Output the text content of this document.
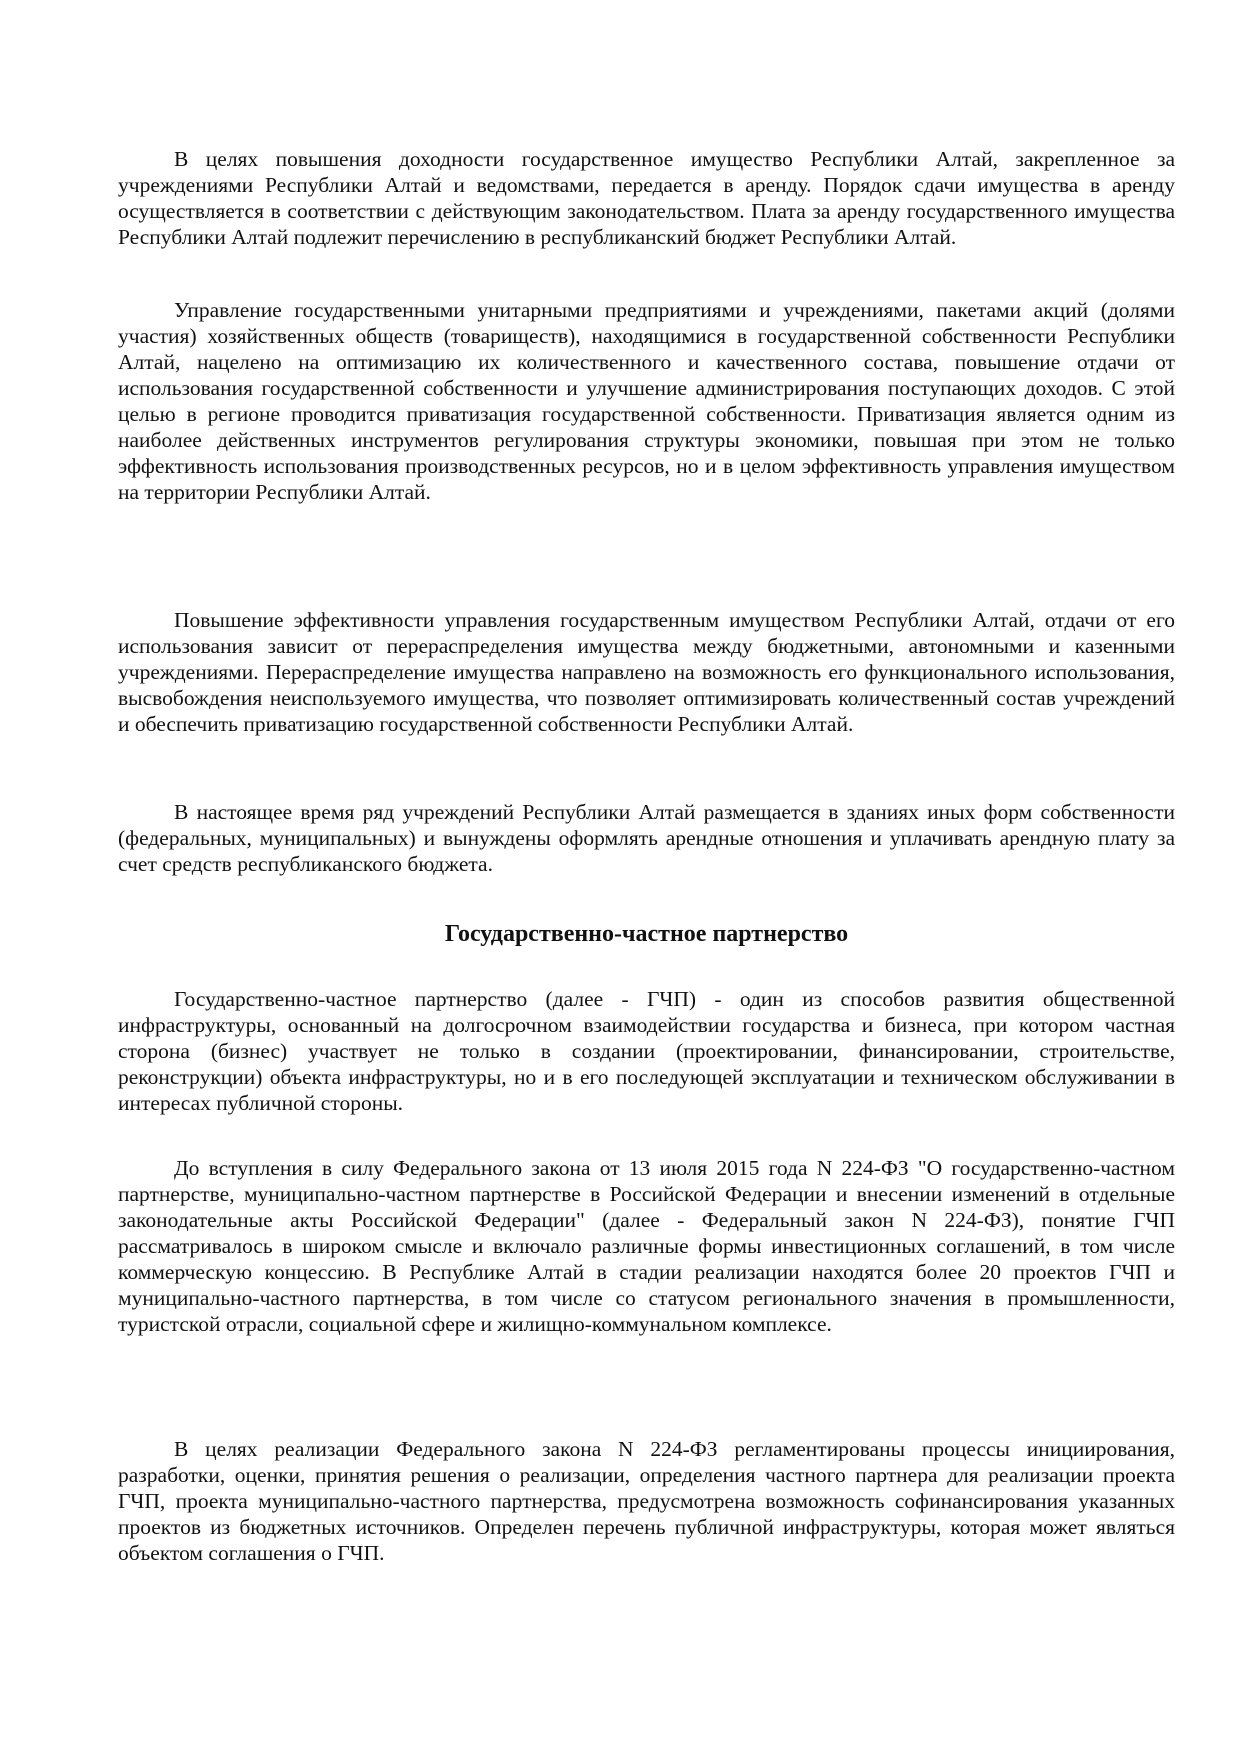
В целях повышения доходности государственное имущество Республики Алтай, закрепленное за учреждениями Республики Алтай и ведомствами, передается в аренду. Порядок сдачи имущества в аренду осуществляется в соответствии с действующим законодательством. Плата за аренду государственного имущества Республики Алтай подлежит перечислению в республиканский бюджет Республики Алтай.

Управление государственными унитарными предприятиями и учреждениями, пакетами акций (долями участия) хозяйственных обществ (товариществ), находящимися в государственной собственности Республики Алтай, нацелено на оптимизацию их количественного и качественного состава, повышение отдачи от использования государственной собственности и улучшение администрирования поступающих доходов. С этой целью в регионе проводится приватизация государственной собственности. Приватизация является одним из наиболее действенных инструментов регулирования структуры экономики, повышая при этом не только эффективность использования производственных ресурсов, но и в целом эффективность управления имуществом на территории Республики Алтай.

Повышение эффективности управления государственным имуществом Республики Алтай, отдачи от его использования зависит от перераспределения имущества между бюджетными, автономными и казенными учреждениями. Перераспределение имущества направлено на возможность его функционального использования, высвобождения неиспользуемого имущества, что позволяет оптимизировать количественный состав учреждений и обеспечить приватизацию государственной собственности Республики Алтай.

В настоящее время ряд учреждений Республики Алтай размещается в зданиях иных форм собственности (федеральных, муниципальных) и вынуждены оформлять арендные отношения и уплачивать арендную плату за счет средств республиканского бюджета.

Государственно-частное партнерство

Государственно-частное партнерство (далее - ГЧП) - один из способов развития общественной инфраструктуры, основанный на долгосрочном взаимодействии государства и бизнеса, при котором частная сторона (бизнес) участвует не только в создании (проектировании, финансировании, строительстве, реконструкции) объекта инфраструктуры, но и в его последующей эксплуатации и техническом обслуживании в интересах публичной стороны.

До вступления в силу Федерального закона от 13 июля 2015 года N 224-ФЗ "О государственно-частном партнерстве, муниципально-частном партнерстве в Российской Федерации и внесении изменений в отдельные законодательные акты Российской Федерации" (далее - Федеральный закон N 224-ФЗ), понятие ГЧП рассматривалось в широком смысле и включало различные формы инвестиционных соглашений, в том числе коммерческую концессию. В Республике Алтай в стадии реализации находятся более 20 проектов ГЧП и муниципально-частного партнерства, в том числе со статусом регионального значения в промышленности, туристской отрасли, социальной сфере и жилищно-коммунальном комплексе.

В целях реализации Федерального закона N 224-ФЗ регламентированы процессы инициирования, разработки, оценки, принятия решения о реализации, определения частного партнера для реализации проекта ГЧП, проекта муниципально-частного партнерства, предусмотрена возможность софинансирования указанных проектов из бюджетных источников. Определен перечень публичной инфраструктуры, которая может являться объектом соглашения о ГЧП.
